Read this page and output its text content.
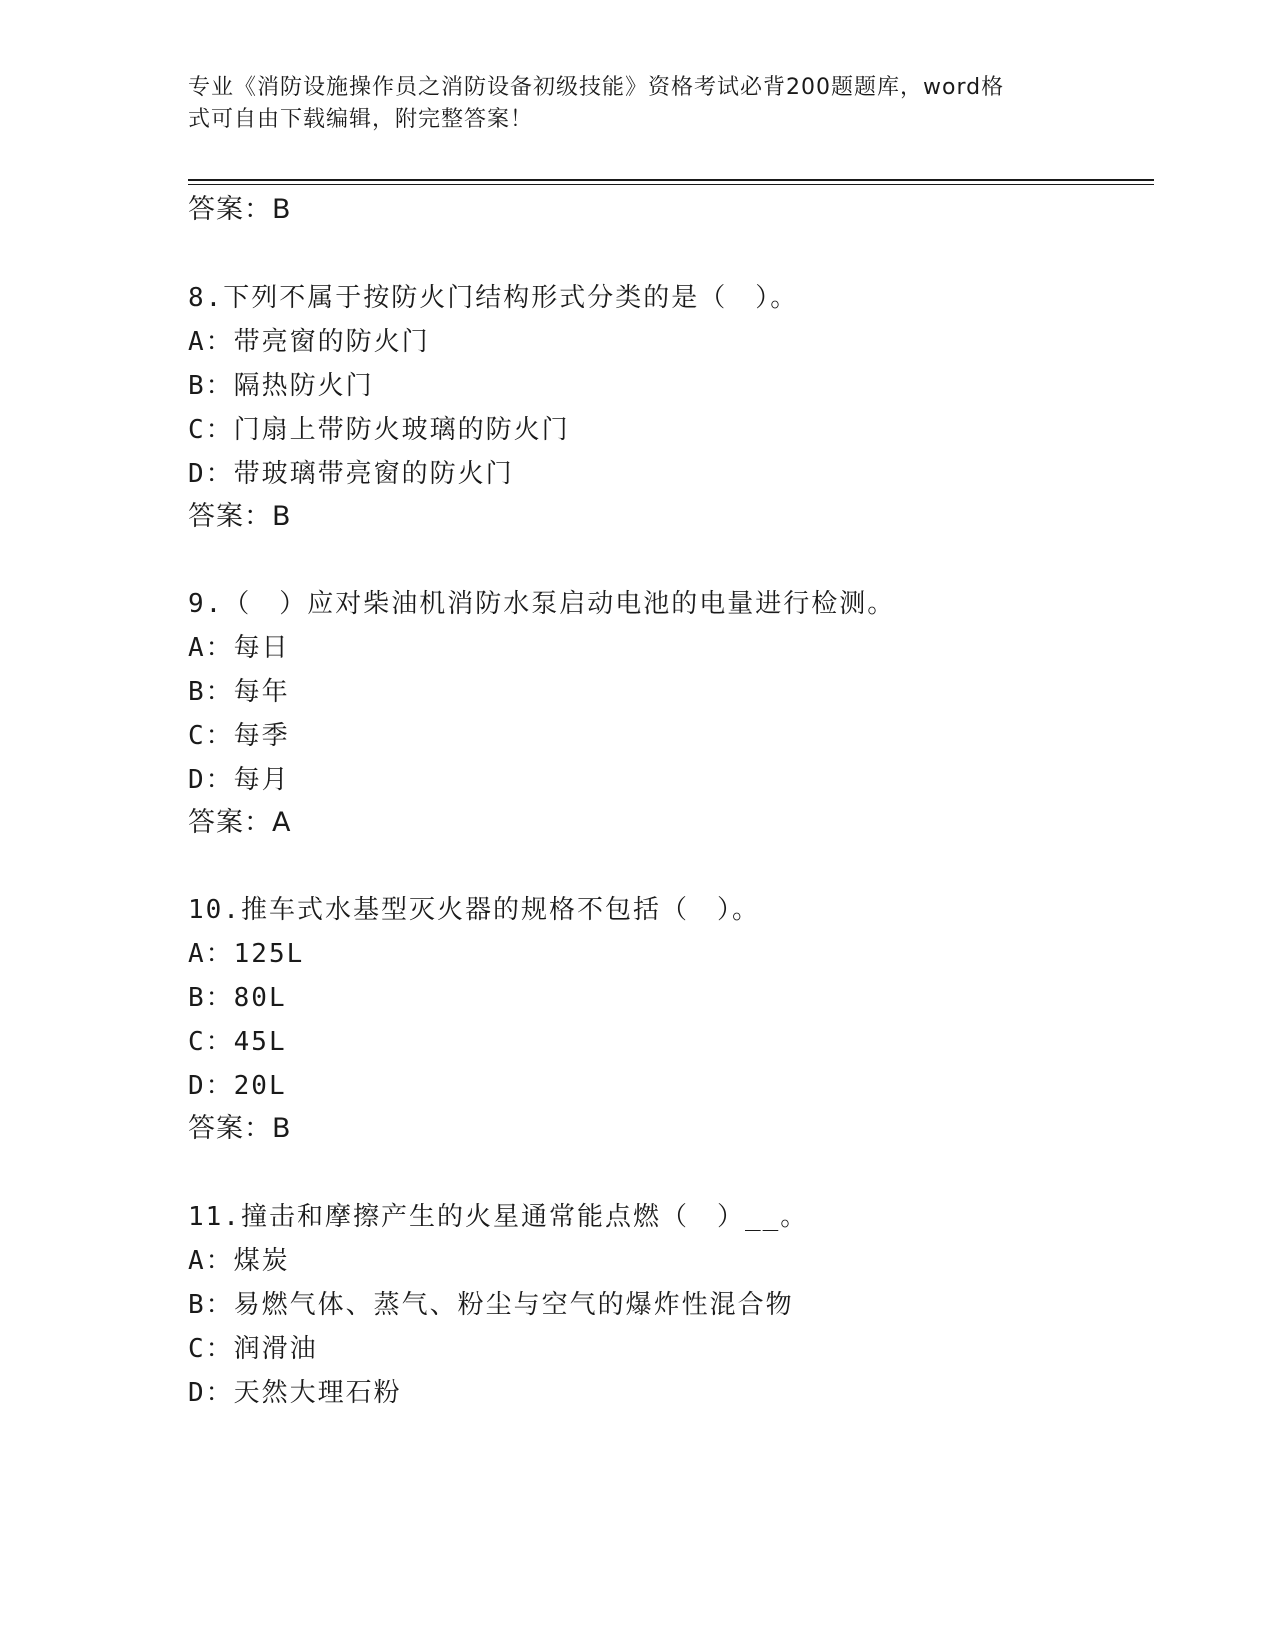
专业《消防设施操作员之消防设备初级技能》资格考试必背200题题库，word格
式可自由下载编辑，附完整答案！
答案：B
8.下列不属于按防火门结构形式分类的是（　）。
A：带亮窗的防火门
B：隔热防火门
C：门扇上带防火玻璃的防火门
D：带玻璃带亮窗的防火门
答案：B
9.（　）应对柴油机消防水泵启动电池的电量进行检测。
A：每日
B：每年
C：每季
D：每月
答案：A
10.推车式水基型灭火器的规格不包括（　）。
A：125L
B：80L
C：45L
D：20L
答案：B
11.撞击和摩擦产生的火星通常能点燃（　）__。
A：煤炭
B：易燃气体、蒸气、粉尘与空气的爆炸性混合物
C：润滑油
D：天然大理石粉
